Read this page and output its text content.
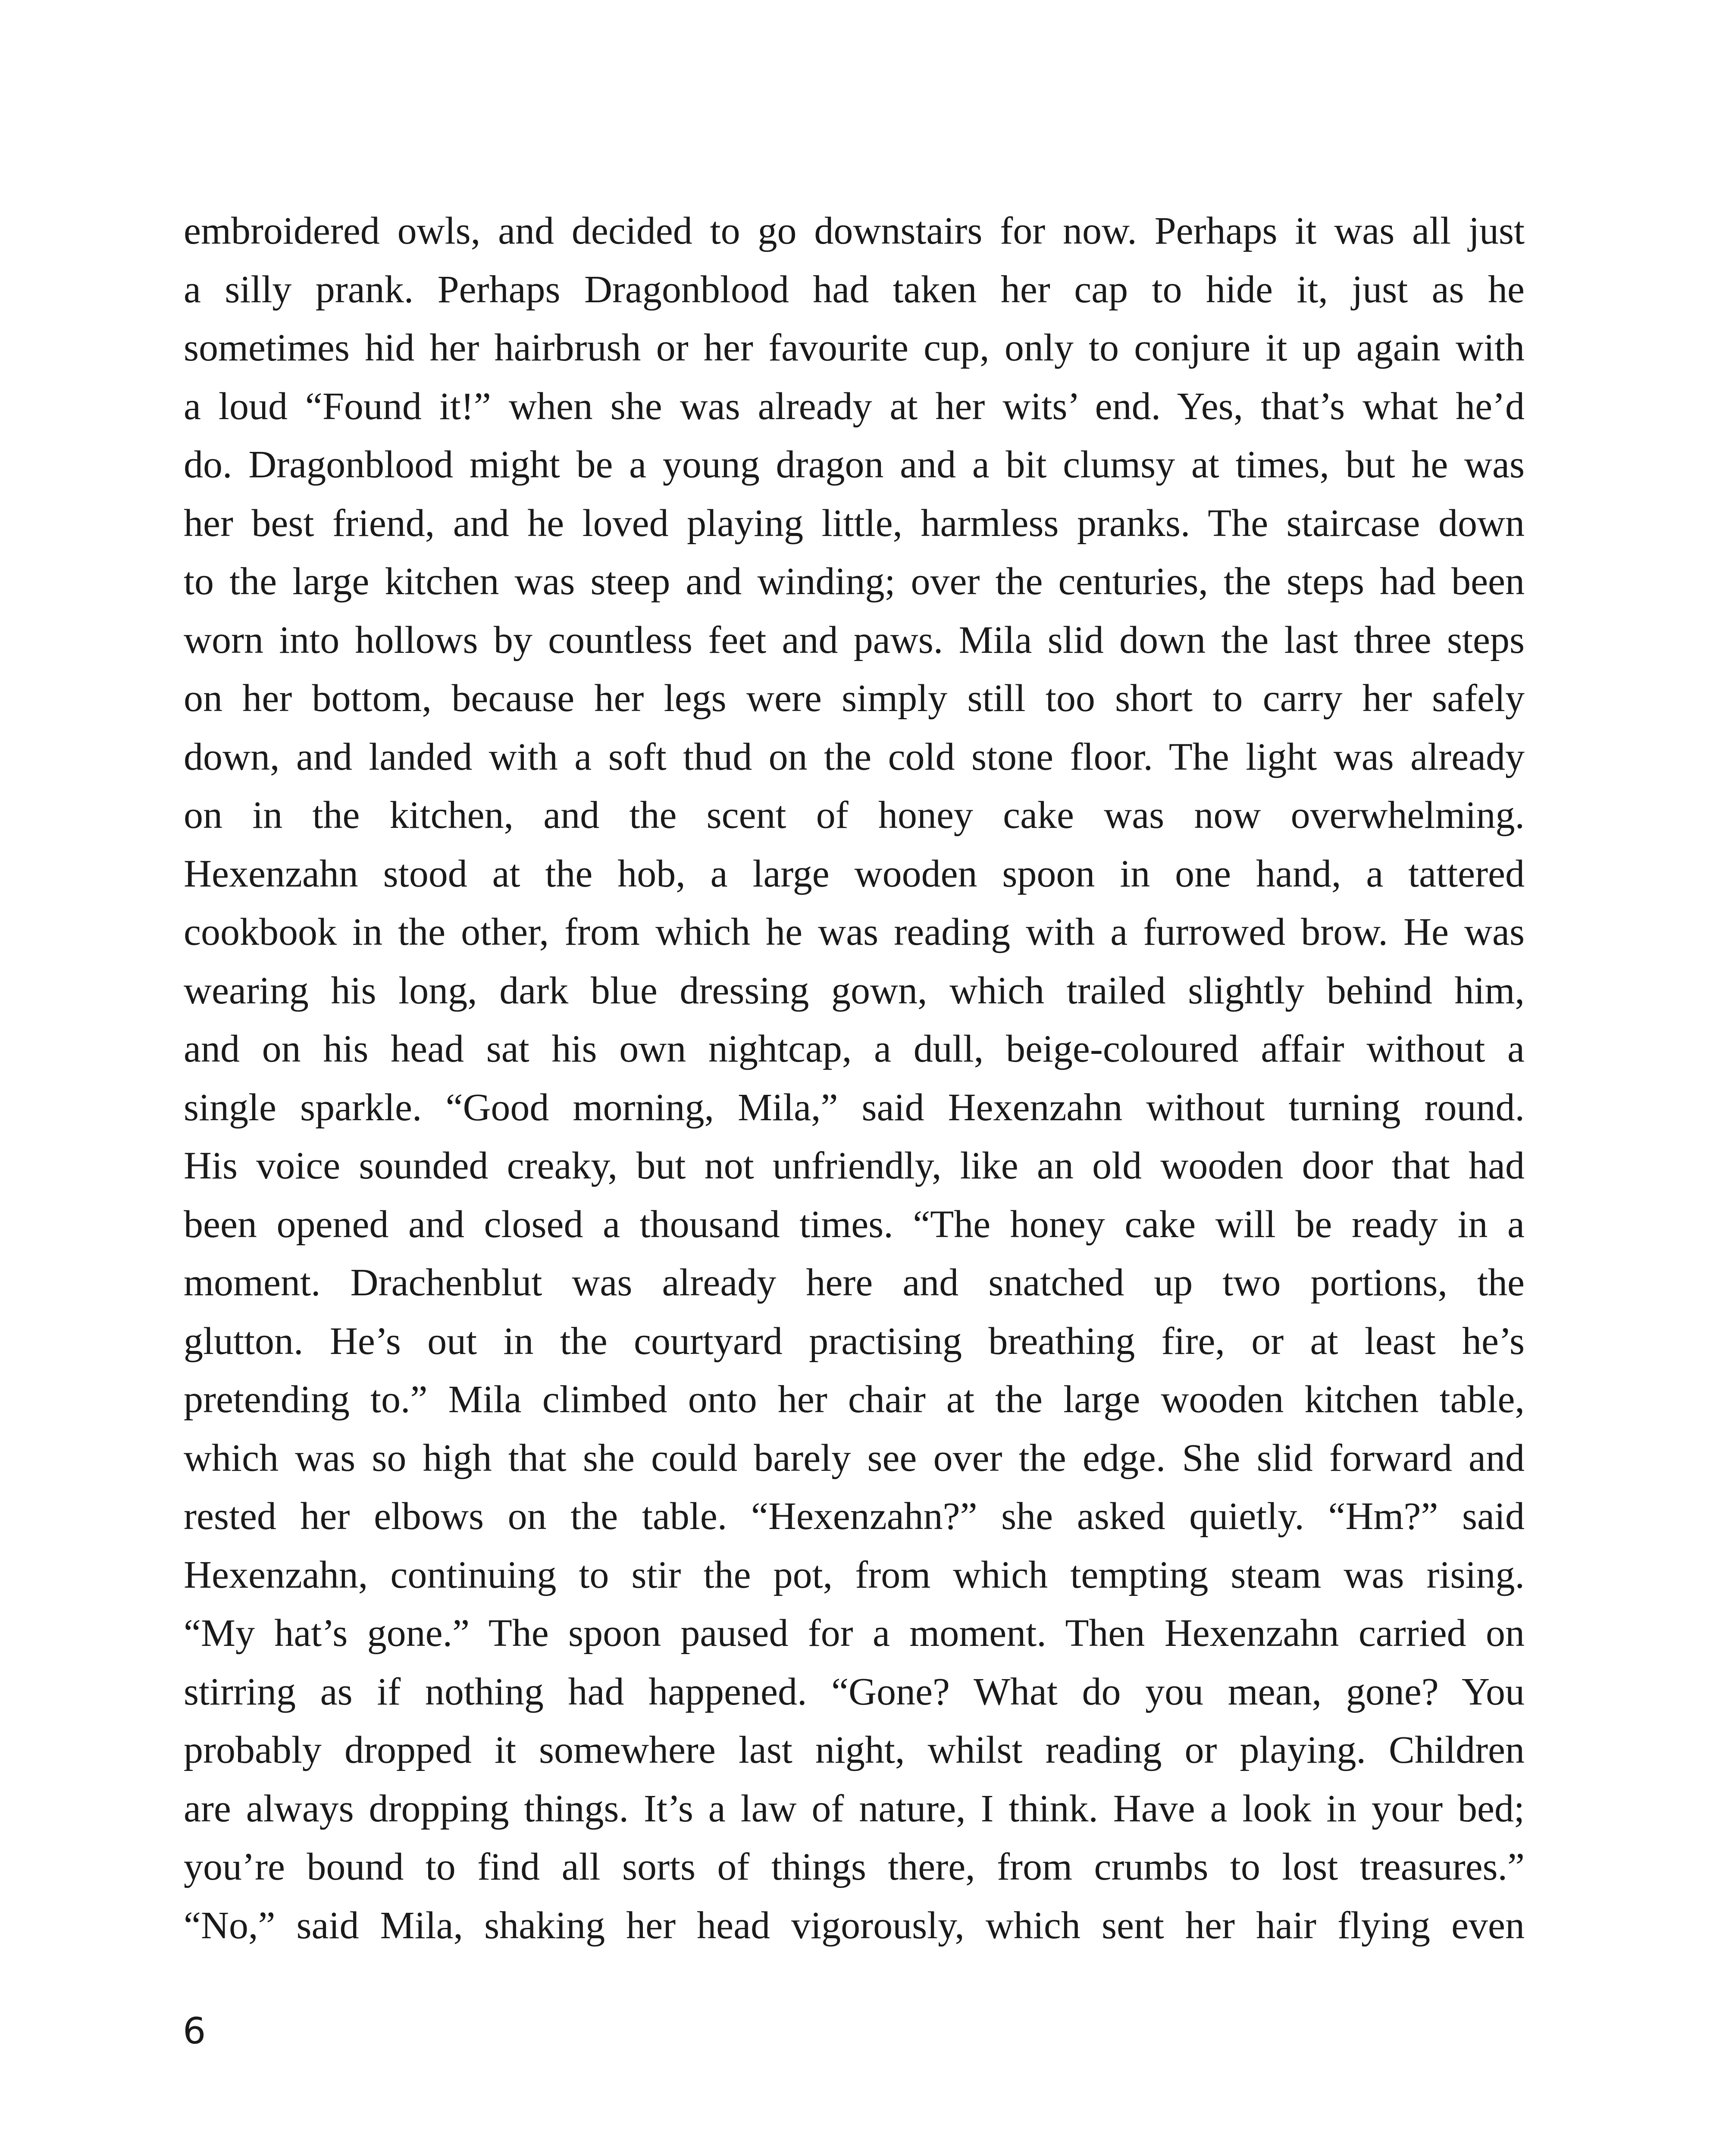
embroidered owls, and decided to go downstairs for now. Perhaps it was all just
a silly prank. Perhaps Dragonblood had taken her cap to hide it, just as he
sometimes hid her hairbrush or her favourite cup, only to conjure it up again with
a loud “Found it!” when she was already at her wits’ end. Yes, that’s what he’d
do. Dragonblood might be a young dragon and a bit clumsy at times, but he was
her best friend, and he loved playing little, harmless pranks. The staircase down
to the large kitchen was steep and winding; over the centuries, the steps had been
worn into hollows by countless feet and paws. Mila slid down the last three steps
on her bottom, because her legs were simply still too short to carry her safely
down, and landed with a soft thud on the cold stone floor. The light was already
on in the kitchen, and the scent of honey cake was now overwhelming.
Hexenzahn stood at the hob, a large wooden spoon in one hand, a tattered
cookbook in the other, from which he was reading with a furrowed brow. He was
wearing his long, dark blue dressing gown, which trailed slightly behind him,
and on his head sat his own nightcap, a dull, beige-coloured affair without a
single sparkle. “Good morning, Mila,” said Hexenzahn without turning round.
His voice sounded creaky, but not unfriendly, like an old wooden door that had
been opened and closed a thousand times. “The honey cake will be ready in a
moment. Drachenblut was already here and snatched up two portions, the
glutton. He’s out in the courtyard practising breathing fire, or at least he’s
pretending to.” Mila climbed onto her chair at the large wooden kitchen table,
which was so high that she could barely see over the edge. She slid forward and
rested her elbows on the table. “Hexenzahn?” she asked quietly. “Hm?” said
Hexenzahn, continuing to stir the pot, from which tempting steam was rising.
“My hat’s gone.” The spoon paused for a moment. Then Hexenzahn carried on
stirring as if nothing had happened. “Gone? What do you mean, gone? You
probably dropped it somewhere last night, whilst reading or playing. Children
are always dropping things. It’s a law of nature, I think. Have a look in your bed;
you’re bound to find all sorts of things there, from crumbs to lost treasures.”
“No,” said Mila, shaking her head vigorously, which sent her hair flying even
6
